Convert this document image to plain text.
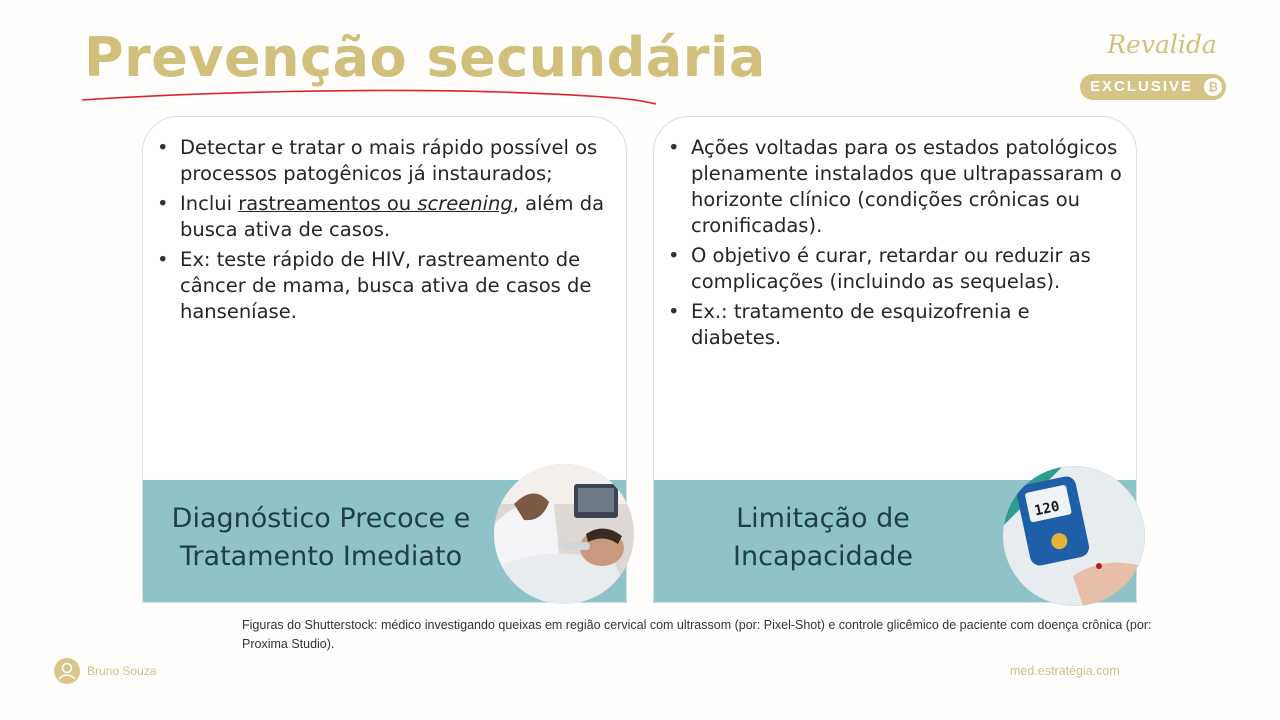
Prevenção secundária	Revalida
EXCLUSIVE	₿
• Detectar e tratar o mais rápido possível os processos patogênicos já instaurados;
• Inclui rastreamentos ou screening, além da busca ativa de casos.
• Ex: teste rápido de HIV, rastreamento de câncer de mama, busca ativa de casos de hanseníase.
Diagnóstico Precoce e
Tratamento Imediato
• Ações voltadas para os estados patológicos plenamente instalados que ultrapassaram o horizonte clínico (condições crônicas ou cronificadas).
• O objetivo é curar, retardar ou reduzir as complicações (incluindo as sequelas).
• Ex.: tratamento de esquizofrenia e diabetes.
Limitação de
Incapacidade
120
Figuras do Shutterstock: médico investigando queixas em região cervical com ultrassom (por: Pixel-Shot) e controle glicêmico de paciente com doença crônica (por: Proxima Studio).
Bruno Souza	med.estratégia.com
